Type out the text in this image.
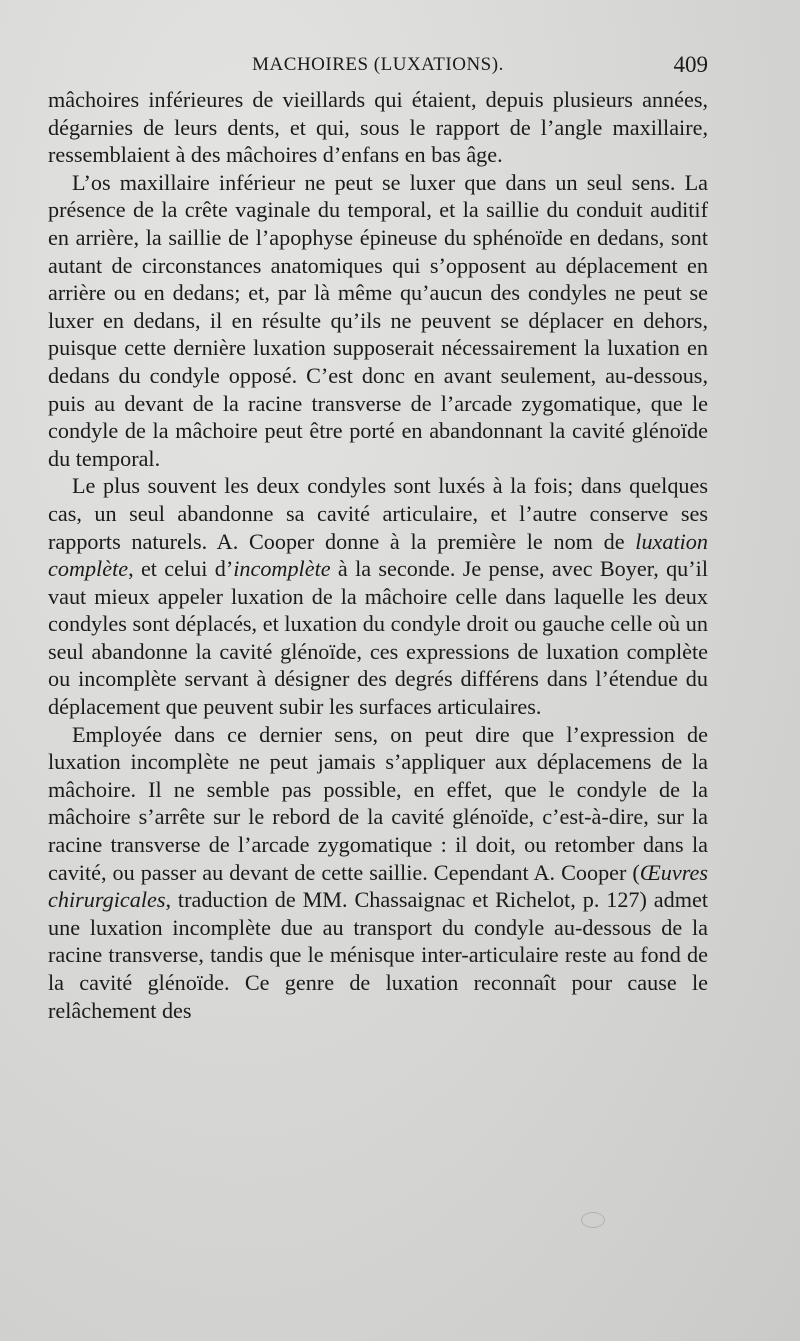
MACHOIRES (LUXATIONS).	409

mâchoires inférieures de vieillards qui étaient, depuis plusieurs années, dégarnies de leurs dents, et qui, sous le rapport de l’angle maxillaire, ressemblaient à des mâchoires d’enfans en bas âge.

L’os maxillaire inférieur ne peut se luxer que dans un seul sens. La présence de la crête vaginale du temporal, et la saillie du conduit auditif en arrière, la saillie de l’apophyse épineuse du sphénoïde en dedans, sont autant de circonstances anatomiques qui s’opposent au déplacement en arrière ou en dedans; et, par là même qu’aucun des condyles ne peut se luxer en dedans, il en résulte qu’ils ne peuvent se déplacer en dehors, puisque cette dernière luxation supposerait nécessairement la luxation en dedans du condyle opposé. C’est donc en avant seulement, au-dessous, puis au devant de la racine transverse de l’arcade zygomatique, que le condyle de la mâchoire peut être porté en abandonnant la cavité glénoïde du temporal.

Le plus souvent les deux condyles sont luxés à la fois; dans quelques cas, un seul abandonne sa cavité articulaire, et l’autre conserve ses rapports naturels. A. Cooper donne à la première le nom de luxation complète, et celui d’incomplète à la seconde. Je pense, avec Boyer, qu’il vaut mieux appeler luxation de la mâchoire celle dans laquelle les deux condyles sont déplacés, et luxation du condyle droit ou gauche celle où un seul abandonne la cavité glénoïde, ces expressions de luxation complète ou incomplète servant à désigner des degrés différens dans l’étendue du déplacement que peuvent subir les surfaces articulaires.

Employée dans ce dernier sens, on peut dire que l’expression de luxation incomplète ne peut jamais s’appliquer aux déplacemens de la mâchoire. Il ne semble pas possible, en effet, que le condyle de la mâchoire s’arrête sur le rebord de la cavité glénoïde, c’est-à-dire, sur la racine transverse de l’arcade zygomatique : il doit, ou retomber dans la cavité, ou passer au devant de cette saillie. Cependant A. Cooper (Œuvres chirurgicales, traduction de MM. Chassaignac et Richelot, p. 127) admet une luxation incomplète due au transport du condyle au-dessous de la racine transverse, tandis que le ménisque inter-articulaire reste au fond de la cavité glénoïde. Ce genre de luxation reconnaît pour cause le relâchement des
